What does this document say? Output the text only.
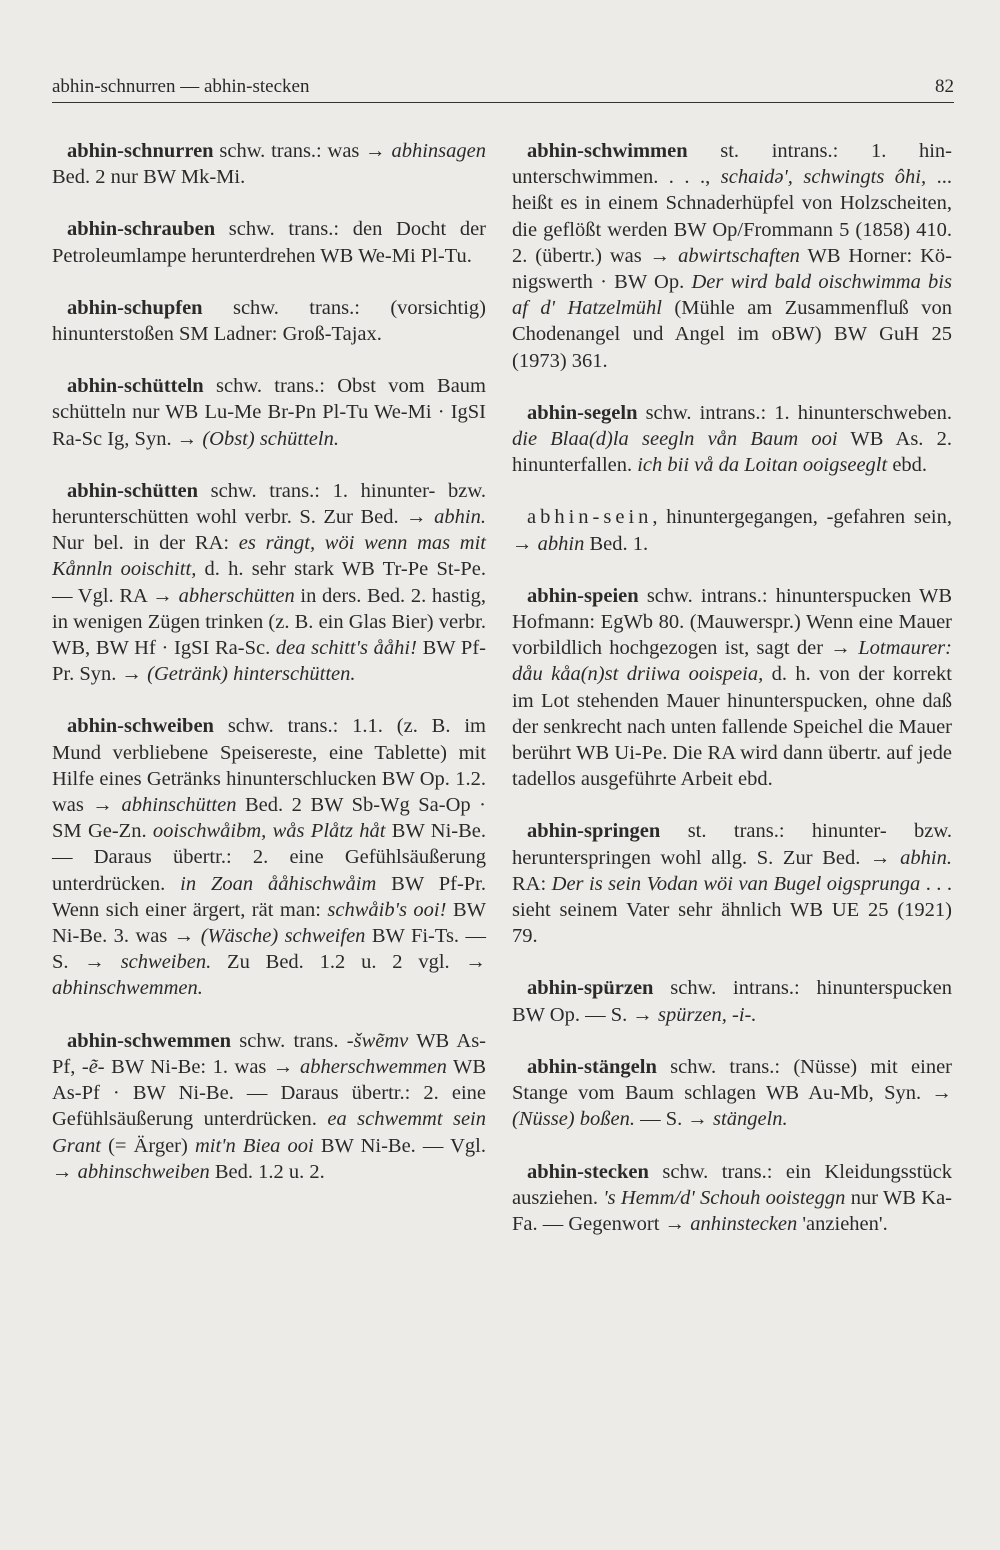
abhin-schnurren — abhin-stecken	82

abhin-schnurren schw. trans.: was → abhinsagen Bed. 2 nur BW Mk-Mi.

abhin-schrauben schw. trans.: den Docht der Petroleumlampe herunterdrehen WB We-Mi Pl-Tu.

abhin-schupfen schw. trans.: (vorsichtig) hinunterstoßen SM Ladner: Groß-Tajax.

abhin-schütteln schw. trans.: Obst vom Baum schütteln nur WB Lu-Me Br-Pn Pl-Tu We-Mi · IgSI Ra-Sc Ig, Syn. → (Obst) schütteln.

abhin-schütten schw. trans.: 1. hinunter- bzw. herunterschütten wohl verbr. S. Zur Bed. → abhin. Nur bel. in der RA: es rängt, wöi wenn mas mit Kånnln ooischitt, d. h. sehr stark WB Tr-Pe St-Pe. — Vgl. RA → abherschütten in ders. Bed. 2. hastig, in wenigen Zügen trinken (z. B. ein Glas Bier) verbr. WB, BW Hf · IgSI Ra-Sc. dea schitt's ååhi! BW Pf-Pr. Syn. → (Getränk) hinterschütten.

abhin-schweiben schw. trans.: 1.1. (z. B. im Mund verbliebene Speisereste, eine Tablette) mit Hilfe eines Getränks hinunterschlucken BW Op. 1.2. was → abhinschütten Bed. 2 BW Sb-Wg Sa-Op · SM Ge-Zn. ooischwåibm, wås Plåtz håt BW Ni-Be. — Daraus übertr.: 2. eine Gefühlsäußerung unterdrücken. in Zoan ååhischwåim BW Pf-Pr. Wenn sich einer ärgert, rät man: schwåib's ooi! BW Ni-Be. 3. was → (Wäsche) schweifen BW Fi-Ts. — S. → schweiben. Zu Bed. 1.2 u. 2 vgl. → abhinschwemmen.

abhin-schwemmen schw. trans. -šwẽmv WB As-Pf, -ẽ- BW Ni-Be: 1. was → abherschwemmen WB As-Pf · BW Ni-Be. — Daraus übertr.: 2. eine Gefühlsäußerung unterdrücken. ea schwemmt sein Grant (= Ärger) mit'n Biea ooi BW Ni-Be. — Vgl. → abhinschweiben Bed. 1.2 u. 2.

abhin-schwimmen st. intrans.: 1. hinunterschwimmen. . . ., schaidə', schwingts ôhi, ... heißt es in einem Schnaderhüpfel von Holzscheiten, die geflößt werden BW Op/Frommann 5 (1858) 410. 2. (übertr.) was → abwirtschaften WB Horner: Königswerth · BW Op. Der wird bald oischwimma bis af d' Hatzelmühl (Mühle am Zusammenfluß von Chodenangel und Angel im oBW) BW GuH 25 (1973) 361.

abhin-segeln schw. intrans.: 1. hinunterschweben. die Blaa(d)la seegln vån Baum ooi WB As. 2. hinunterfallen. ich bii vå da Loitan ooigseeglt ebd.

abhin-sein, hinuntergegangen, -gefahren sein, → abhin Bed. 1.

abhin-speien schw. intrans.: hinunterspucken WB Hofmann: EgWb 80. (Mauwerspr.) Wenn eine Mauer vorbildlich hochgezogen ist, sagt der → Lotmaurer: dåu kåa(n)st driiwa ooispeia, d. h. von der korrekt im Lot stehenden Mauer hinunterspucken, ohne daß der senkrecht nach unten fallende Speichel die Mauer berührt WB Ui-Pe. Die RA wird dann übertr. auf jede tadellos ausgeführte Arbeit ebd.

abhin-springen st. trans.: hinunter- bzw. herunterspringen wohl allg. S. Zur Bed. → abhin. RA: Der is sein Vodan wöi van Bugel oigsprunga . . . sieht seinem Vater sehr ähnlich WB UE 25 (1921) 79.

abhin-spürzen schw. intrans.: hinunterspucken BW Op. — S. → spürzen, -i-.

abhin-stängeln schw. trans.: (Nüsse) mit einer Stange vom Baum schlagen WB Au-Mb, Syn. → (Nüsse) boßen. — S. → stängeln.

abhin-stecken schw. trans.: ein Kleidungsstück ausziehen. 's Hemm/d' Schouh ooisteggn nur WB Ka-Fa. — Gegenwort → anhinstecken 'anziehen'.
